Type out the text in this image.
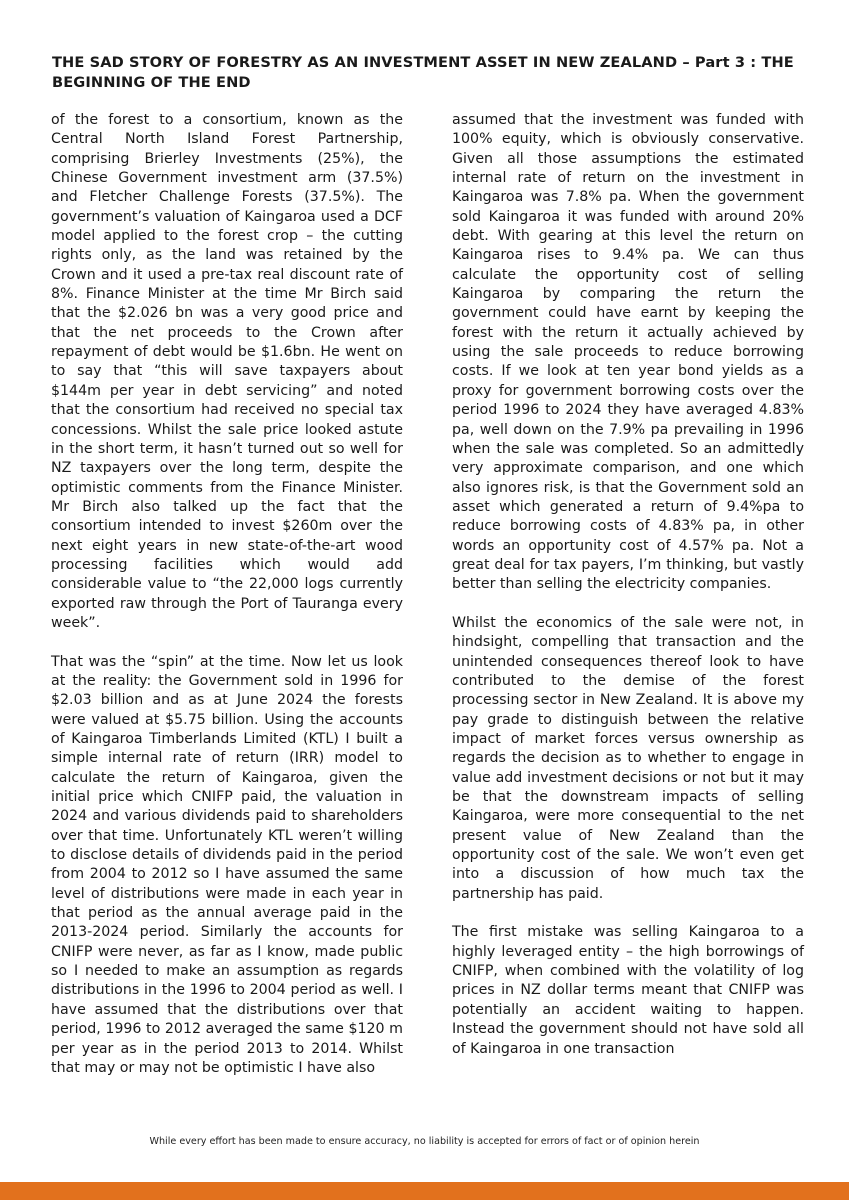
THE SAD STORY OF FORESTRY AS AN INVESTMENT ASSET IN NEW ZEALAND – Part 3 : THE BEGINNING OF THE END

of the forest to a consortium, known as the Central North Island Forest Partnership, comprising Brierley Investments (25%), the Chinese Government investment arm (37.5%) and Fletcher Challenge Forests (37.5%). The government’s valuation of Kaingaroa used a DCF model applied to the forest crop – the cutting rights only, as the land was retained by the Crown and it used a pre-tax real discount rate of 8%. Finance Minister at the time Mr Birch said that the $2.026 bn was a very good price and that the net proceeds to the Crown after repayment of debt would be $1.6bn. He went on to say that “this will save taxpayers about $144m per year in debt servicing” and noted that the consortium had received no special tax concessions. Whilst the sale price looked astute in the short term, it hasn’t turned out so well for NZ taxpayers over the long term, despite the optimistic comments from the Finance Minister. Mr Birch also talked up the fact that the consortium intended to invest $260m over the next eight years in new state-of-the-art wood processing facilities which would add considerable value to “the 22,000 logs currently exported raw through the Port of Tauranga every week”.

That was the “spin” at the time. Now let us look at the reality: the Government sold in 1996 for $2.03 billion and as at June 2024 the forests were valued at $5.75 billion. Using the accounts of Kaingaroa Timberlands Limited (KTL) I built a simple internal rate of return (IRR) model to calculate the return of Kaingaroa, given the initial price which CNIFP paid, the valuation in 2024 and various dividends paid to shareholders over that time. Unfortunately KTL weren’t willing to disclose details of dividends paid in the period from 2004 to 2012 so I have assumed the same level of distributions were made in each year in that period as the annual average paid in the 2013-2024 period. Similarly the accounts for CNIFP were never, as far as I know, made public so I needed to make an assumption as regards distributions in the 1996 to 2004 period as well. I have assumed that the distributions over that period, 1996 to 2012 averaged the same $120 m per year as in the period 2013 to 2014. Whilst that may or may not be optimistic I have also

assumed that the investment was funded with 100% equity, which is obviously conservative. Given all those assumptions the estimated internal rate of return on the investment in Kaingaroa was 7.8% pa. When the government sold Kaingaroa it was funded with around 20% debt. With gearing at this level the return on Kaingaroa rises to 9.4% pa. We can thus calculate the opportunity cost of selling Kaingaroa by comparing the return the government could have earnt by keeping the forest with the return it actually achieved by using the sale proceeds to reduce borrowing costs. If we look at ten year bond yields as a proxy for government borrowing costs over the period 1996 to 2024 they have averaged 4.83% pa, well down on the 7.9% pa prevailing in 1996 when the sale was completed. So an admittedly very approximate comparison, and one which also ignores risk, is that the Government sold an asset which generated a return of 9.4%pa to reduce borrowing costs of 4.83% pa, in other words an opportunity cost of 4.57% pa. Not a great deal for tax payers, I’m thinking, but vastly better than selling the electricity companies.

Whilst the economics of the sale were not, in hindsight, compelling that transaction and the unintended consequences thereof look to have contributed to the demise of the forest processing sector in New Zealand. It is above my pay grade to distinguish between the relative impact of market forces versus ownership as regards the decision as to whether to engage in value add investment decisions or not but it may be that the downstream impacts of selling Kaingaroa, were more consequential to the net present value of New Zealand than the opportunity cost of the sale. We won’t even get into a discussion of how much tax the partnership has paid.

The first mistake was selling Kaingaroa to a highly leveraged entity – the high borrowings of CNIFP, when combined with the volatility of log prices in NZ dollar terms meant that CNIFP was potentially an accident waiting to happen. Instead the government should not have sold all of Kaingaroa in one transaction

While every effort has been made to ensure accuracy, no liability is accepted for errors of fact or of opinion herein
